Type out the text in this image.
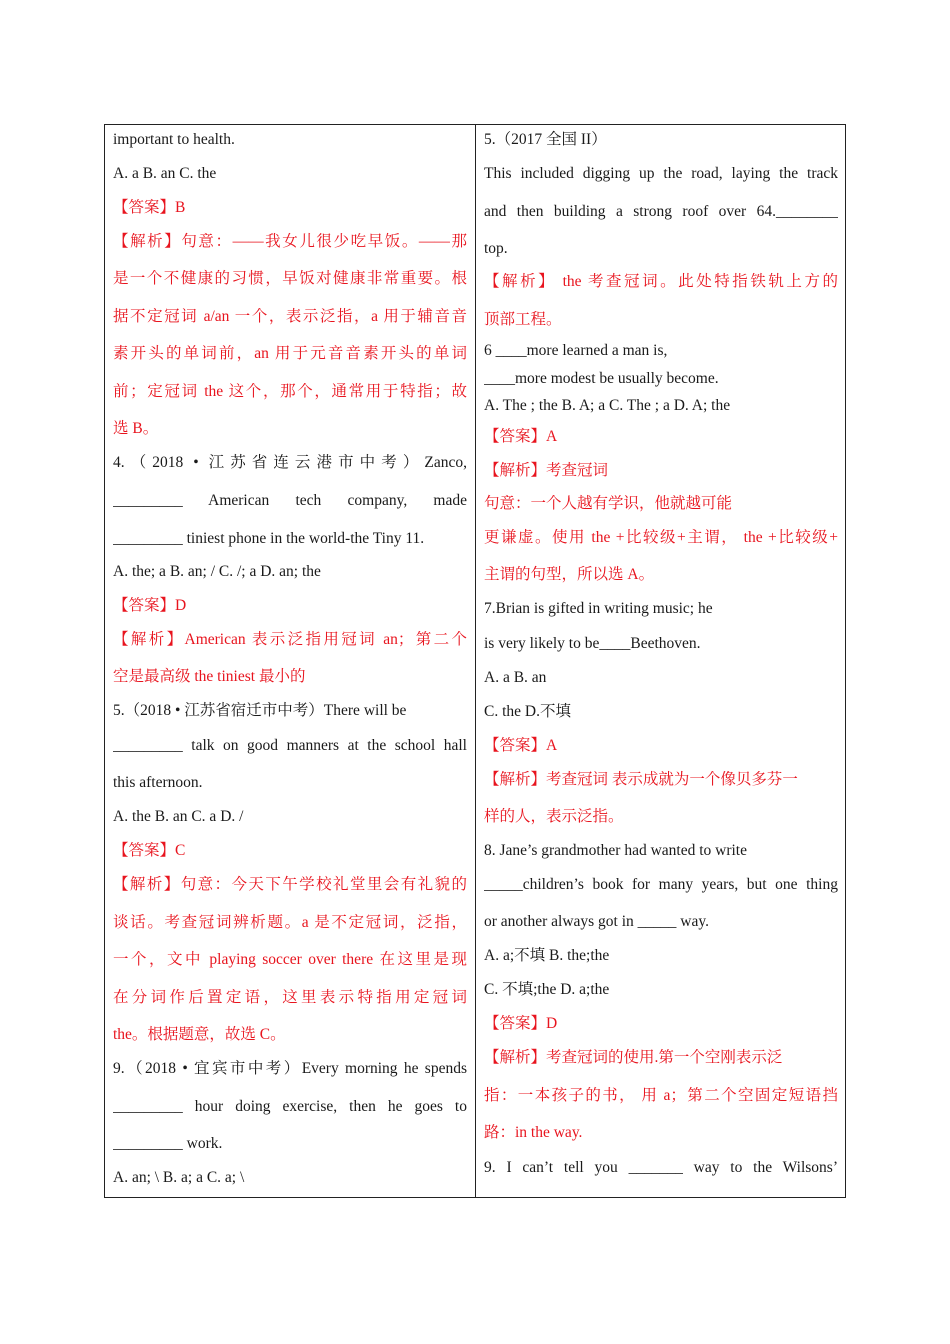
important to health.
A. a B. an C. the
【答案】B
【解析】句意：——我女儿很少吃早饭。——那
是一个不健康的习惯，早饭对健康非常重要。根
据不定冠词 a/an 一个，表示泛指，a 用于辅音音
素开头的单词前，an 用于元音音素开头的单词
前；定冠词 the 这个，那个，通常用于特指；故
选 B。
4.（2018 • 江苏省连云港市中考）Zanco,
_________ American tech company, made
_________ tiniest phone in the world-the Tiny 11.
A. the; a B. an; / C. /; a D. an; the
【答案】D
【解析】American 表示泛指用冠词 an；第二个
空是最高级 the tiniest 最小的
5.（2018 • 江苏省宿迁市中考）There will be
_________ talk on good manners at the school hall
this afternoon.
A. the B. an C. a D. /
【答案】C
【解析】句意：今天下午学校礼堂里会有礼貌的
谈话。考查冠词辨析题。a 是不定冠词，泛指，
一个，文中 playing soccer over there 在这里是现
在分词作后置定语，这里表示特指用定冠词
the。根据题意，故选 C。
9.（2018 • 宜宾市中考）Every morning he spends
_________ hour doing exercise, then he goes to
_________ work.
A. an; \ B. a; a C. a; \
5.（2017 全国 II）
This included digging up the road, laying the track
and then building a strong roof over 64.________
top.
【解析】 the 考查冠词。此处特指铁轨上方的
顶部工程。
6 ____more learned a man is,
____more modest be usually become.
A. The ; the B. A; a C. The ; a D. A; the
【答案】A
【解析】考查冠词
句意：一个人越有学识，他就越可能
更谦虚。使用 the +比较级+主谓， the +比较级+
主谓的句型，所以选 A。
7.Brian is gifted in writing music; he
is very likely to be____Beethoven.
A. a B. an
C. the D.不填
【答案】A
【解析】考查冠词 表示成就为一个像贝多芬一
样的人，表示泛指。
8. Jane’s grandmother had wanted to write
_____children’s book for many years, but one thing
or another always got in _____ way.
A. a;不填 B. the;the
C. 不填;the D. a;the
【答案】D
【解析】考查冠词的使用.第一个空刚表示泛
指：一本孩子的书， 用 a；第二个空固定短语挡
路：in the way.
9. I can’t tell you _______ way to the Wilsons’
